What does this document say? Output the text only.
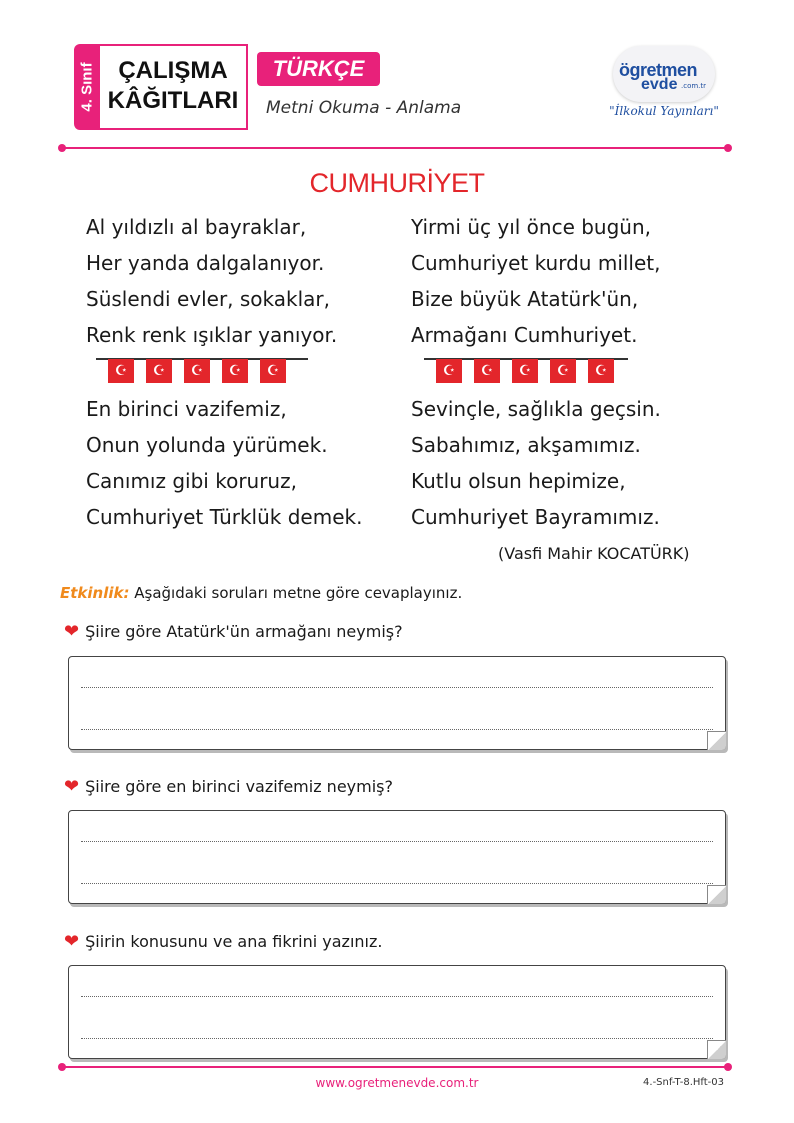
4. Sınıf ÇALIŞMA
KÂĞITLARI
TÜRKÇE
Metni Okuma - Anlama
ögretmen
evde .com.tr
"İlkokul Yayınları"
CUMHURİYET
Al yıldızlı al bayraklar,
Her yanda dalgalanıyor.
Süslendi evler, sokaklar,
Renk renk ışıklar yanıyor.
Yirmi üç yıl önce bugün,
Cumhuriyet kurdu millet,
Bize büyük Atatürk'ün,
Armağanı Cumhuriyet.
☪
☪
☪
☪
☪
☪
☪
☪
☪
☪
En birinci vazifemiz,
Onun yolunda yürümek.
Canımız gibi koruruz,
Cumhuriyet Türklük demek.
Sevinçle, sağlıkla geçsin.
Sabahımız, akşamımız.
Kutlu olsun hepimize,
Cumhuriyet Bayramımız.
(Vasfi Mahir KOCATÜRK)
Etkinlik: Aşağıdaki soruları metne göre cevaplayınız.
❤ Şiire göre Atatürk'ün armağanı neymiş?
❤ Şiire göre en birinci vazifemiz neymiş?
❤ Şiirin konusunu ve ana fikrini yazınız.
www.ogretmenevde.com.tr	4.-Snf-T-8.Hft-03
